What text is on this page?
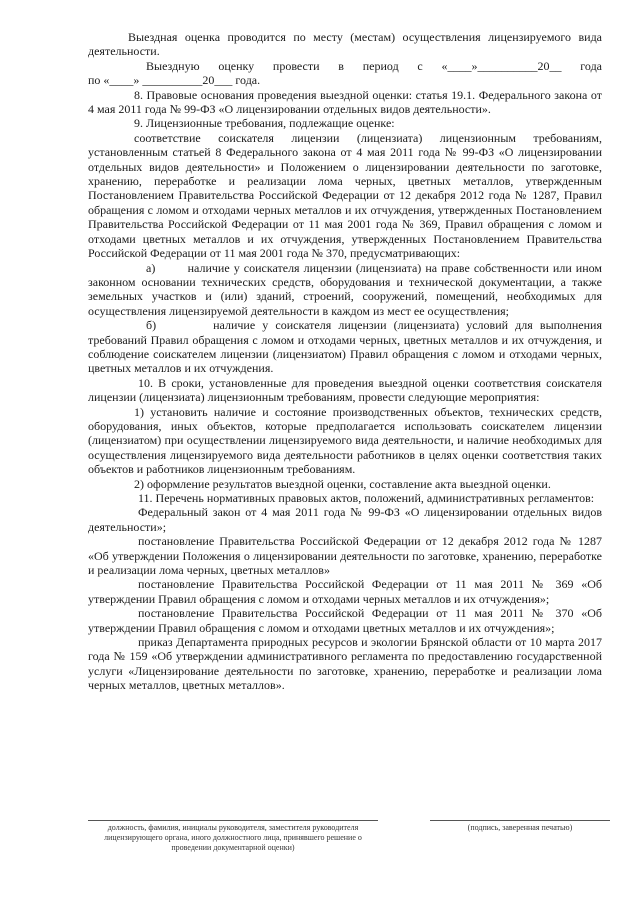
Выездная оценка проводится по месту (местам) осуществления лицензируемого вида деятельности.

Выездную оценку провести в период с «____»__________20__ года

по «____» __________20___ года.

8. Правовые основания проведения выездной оценки: статья 19.1. Федерального закона от 4 мая 2011 года № 99-ФЗ «О лицензировании отдельных видов деятельности».

9. Лицензионные требования, подлежащие оценке:

соответствие соискателя лицензии (лицензиата) лицензионным требованиям, установленным статьей 8 Федерального закона от 4 мая 2011 года № 99-ФЗ «О лицензировании отдельных видов деятельности» и Положением о лицензировании деятельности по заготовке, хранению, переработке и реализации лома черных, цветных металлов, утвержденным Постановлением Правительства Российской Федерации от 12 декабря 2012 года № 1287, Правил обращения с ломом и отходами черных металлов и их отчуждения, утвержденных Постановлением Правительства Российской Федерации от 11 мая 2001 года № 369, Правил обращения с ломом и отходами цветных металлов и их отчуждения, утвержденных Постановлением Правительства Российской Федерации от 11 мая 2001 года № 370, предусматривающих:

а)        наличие у соискателя лицензии (лицензиата) на праве собственности или ином законном основании технических средств, оборудования и технической документации, а также земельных участков и (или) зданий, строений, сооружений, помещений, необходимых для осуществления лицензируемой деятельности в каждом из мест ее осуществления;

б)        наличие у соискателя лицензии (лицензиата) условий для выполнения требований Правил обращения с ломом и отходами черных, цветных металлов и их отчуждения, и соблюдение соискателем лицензии (лицензиатом) Правил обращения с ломом и отходами черных, цветных металлов и их отчуждения.

10. В сроки, установленные для проведения выездной оценки соответствия соискателя лицензии (лицензиата) лицензионным требованиям, провести следующие мероприятия:

1) установить наличие и состояние производственных объектов, технических средств, оборудования, иных объектов, которые предполагается использовать соискателем лицензии (лицензиатом) при осуществлении лицензируемого вида деятельности, и наличие необходимых для осуществления лицензируемого вида деятельности работников в целях оценки соответствия таких объектов и работников лицензионным требованиям.

2) оформление результатов выездной оценки, составление акта выездной оценки.

11. Перечень нормативных правовых актов, положений, административных регламентов:

Федеральный закон от 4 мая 2011 года № 99-ФЗ «О лицензировании отдельных видов деятельности»;

постановление Правительства Российской Федерации от 12 декабря 2012 года № 1287 «Об утверждении Положения о лицензировании деятельности по заготовке, хранению, переработке и реализации лома черных, цветных металлов»

постановление Правительства Российской Федерации от 11 мая 2011 № 369 «Об утверждении Правил обращения с ломом и отходами черных металлов и их отчуждения»;

постановление Правительства Российской Федерации от 11 мая 2011 № 370 «Об утверждении Правил обращения с ломом и отходами цветных металлов и их отчуждения»;

приказ Департамента природных ресурсов и экологии Брянской области от 10 марта 2017 года № 159 «Об утверждении административного регламента по предоставлению государственной услуги «Лицензирование деятельности по заготовке, хранению, переработке и реализации лома черных металлов, цветных металлов».

должность, фамилия, инициалы руководителя, заместителя руководителя лицензирующего органа, иного должностного лица, принявшего решение о проведении документарной оценки)
(подпись, заверенная печатью)
